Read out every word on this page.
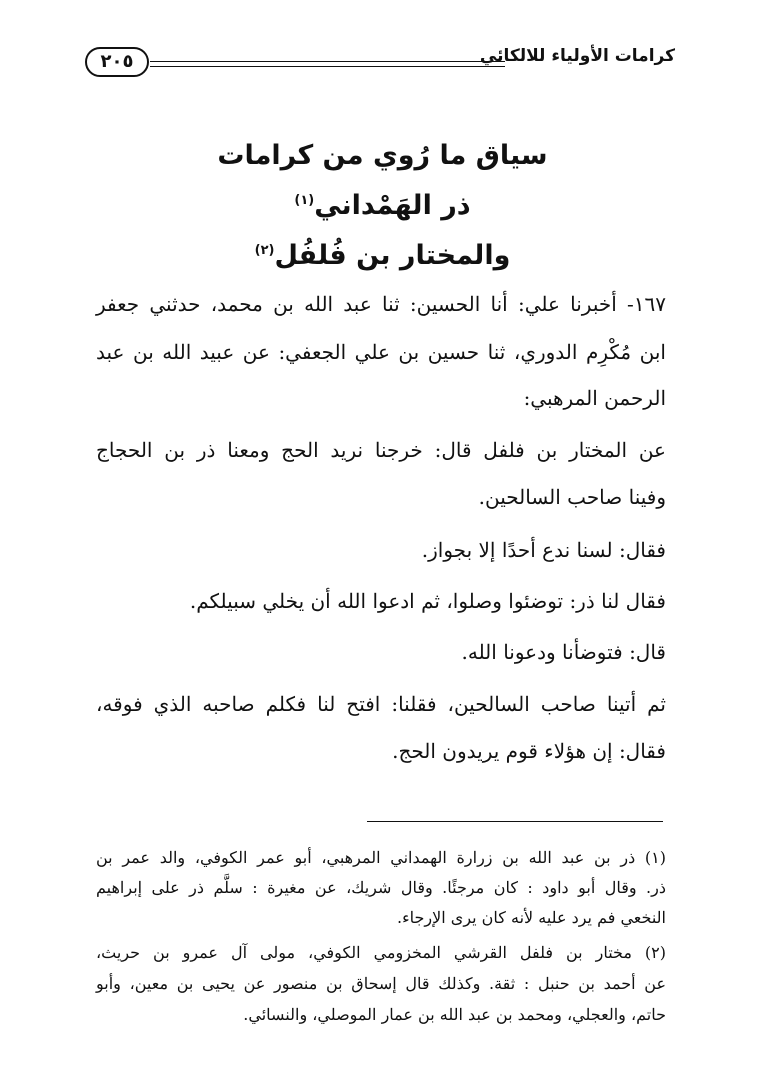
كرامات الأولياء للالكائي
٢٠٥
سياق ما رُوي من كرامات
ذر الهَمْداني$^{(١)}$
والمختار بن فُلفُل$^{(٢)}$
١٦٧- أخبرنا علي: أنا الحسين: ثنا عبد الله بن محمد، حدثني جعفر
ابن مُكْرِم الدوري، ثنا حسين بن علي الجعفي: عن عبيد الله بن عبد
الرحمن المرهبي:
عن المختار بن فلفل قال: خرجنا نريد الحج ومعنا ذر بن الحجاج
وفينا صاحب السالحين.
فقال: لسنا ندع أحدًا إلا بجواز.
فقال لنا ذر: توضئوا وصلوا، ثم ادعوا الله أن يخلي سبيلكم.
قال: فتوضأنا ودعونا الله.
ثم أتينا صاحب السالحين، فقلنا: افتح لنا فكلم صاحبه الذي فوقه،
فقال: إن هؤلاء قوم يريدون الحج.
(١) ذر بن عبد الله بن زرارة الهمداني المرهبي، أبو عمر الكوفي، والد عمر بن
ذر. وقال أبو داود : كان مرجئًا. وقال شريك، عن مغيرة : سلَّم ذر على إبراهيم
النخعي فم يرد عليه لأنه كان يرى الإرجاء.
(٢) مختار بن فلفل القرشي المخزومي الكوفي، مولى آل عمرو بن حريث،
عن أحمد بن حنبل : ثقة. وكذلك قال إسحاق بن منصور عن يحيى بن معين، وأبو
حاتم، والعجلي، ومحمد بن عبد الله بن عمار الموصلي، والنسائي.
